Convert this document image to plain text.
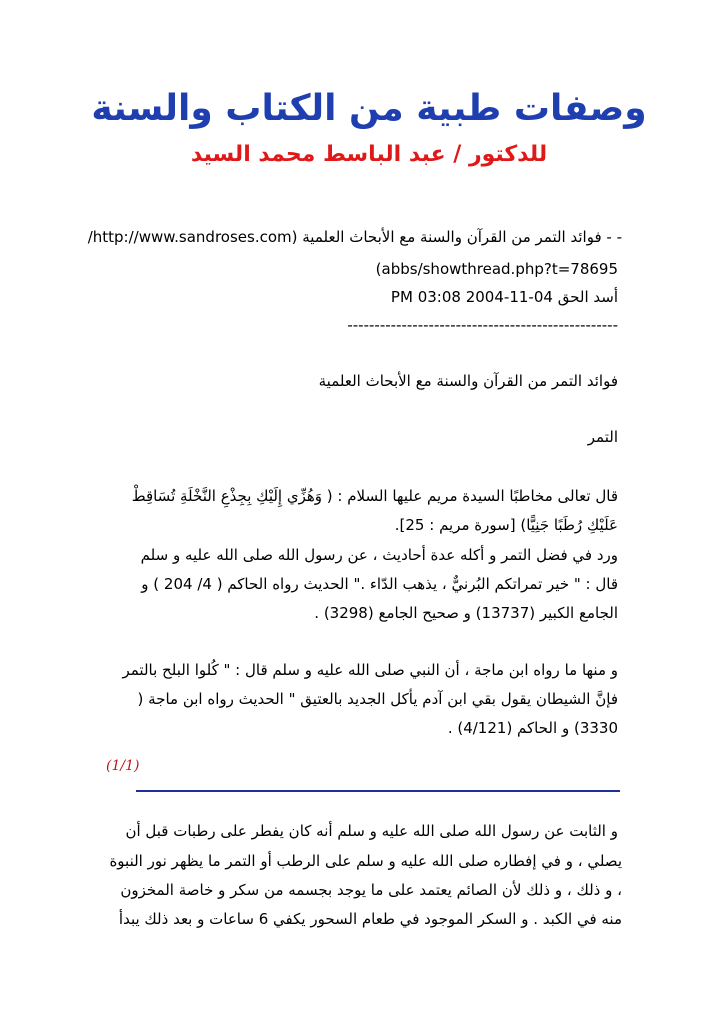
وصفات طبية من الكتاب والسنة
للدكتور / عبد الباسط محمد السيد
- - فوائد التمر من القرآن والسنة مع الأبحاث العلمية (http://www.sandroses.com/
abbs/showthread.php?t=78695)
أسد الحق 04-11-2004 03:08 PM
--------------------------------------------------
فوائد التمر من القرآن والسنة مع الأبحاث العلمية
التمر
قال تعالى مخاطبًا السيدة مريم عليها السلام : ( وَهُزِّي إِلَيْكِ بِجِذْعِ النَّخْلَةِ تُسَاقِطْ
عَلَيْكِ رُطَبًا جَنِيًّا) [سورة مريم : 25].
ورد في فضل التمر و أكله عدة أحاديث ، عن رسول الله صلى الله عليه و سلم
قال : " خير تمراتكم البُرنيٌّ ، يذهب الدّاء ." الحديث رواه الحاكم ( 4/ 204 ) و
الجامع الكبير (13737) و صحيح الجامع (3298) .
و منها ما رواه ابن ماجة ، أن النبي صلى الله عليه و سلم قال : " كُلوا البلح بالتمر
فإنَّ الشيطان يقول بقي ابن آدم يأكل الجديد بالعتيق " الحديث رواه ابن ماجة (
3330) و الحاكم (4/121) .
(1/1)
و الثابت عن رسول الله صلى الله عليه و سلم أنه كان يفطر على رطبات قبل أن
يصلي ، و في إفطاره صلى الله عليه و سلم على الرطب أو التمر ما يظهر نور النبوة
، و ذلك ، و ذلك لأن الصائم يعتمد على ما يوجد بجسمه من سكر و خاصة المخزون
منه في الكبد . و السكر الموجود في طعام السحور يكفي 6 ساعات و بعد ذلك يبدأ
